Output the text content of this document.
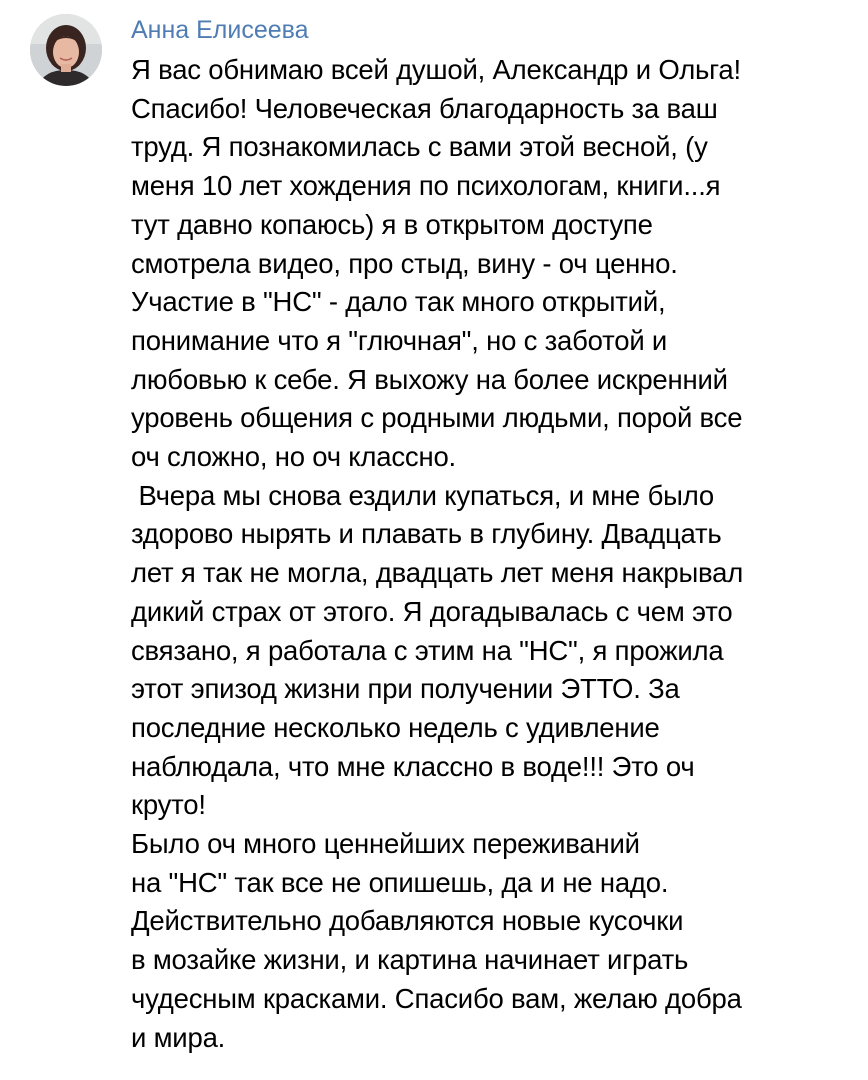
Анна Елисеева
Я вас обнимаю всей душой, Александр и Ольга!
Спасибо! Человеческая благодарность за ваш
труд. Я познакомилась с вами этой весной, (у
меня 10 лет хождения по психологам, книги...я
тут давно копаюсь) я в открытом доступе
смотрела видео, про стыд, вину - оч ценно.
Участие в "НС" - дало так много открытий,
понимание что я "глючная", но с заботой и
любовью к себе. Я выхожу на более искренний
уровень общения с родными людьми, порой все
оч сложно, но оч классно.
Вчера мы снова ездили купаться, и мне было
здорово нырять и плавать в глубину. Двадцать
лет я так не могла, двадцать лет меня накрывал
дикий страх от этого. Я догадывалась с чем это
связано, я работала с этим на "НС", я прожила
этот эпизод жизни при получении ЭТТО. За
последние несколько недель с удивление
наблюдала, что мне классно в воде!!! Это оч
круто!
Было оч много ценнейших переживаний
на "НС" так все не опишешь, да и не надо.
Действительно добавляются новые кусочки
в мозайке жизни, и картина начинает играть
чудесным красками. Спасибо вам, желаю добра
и мира.
